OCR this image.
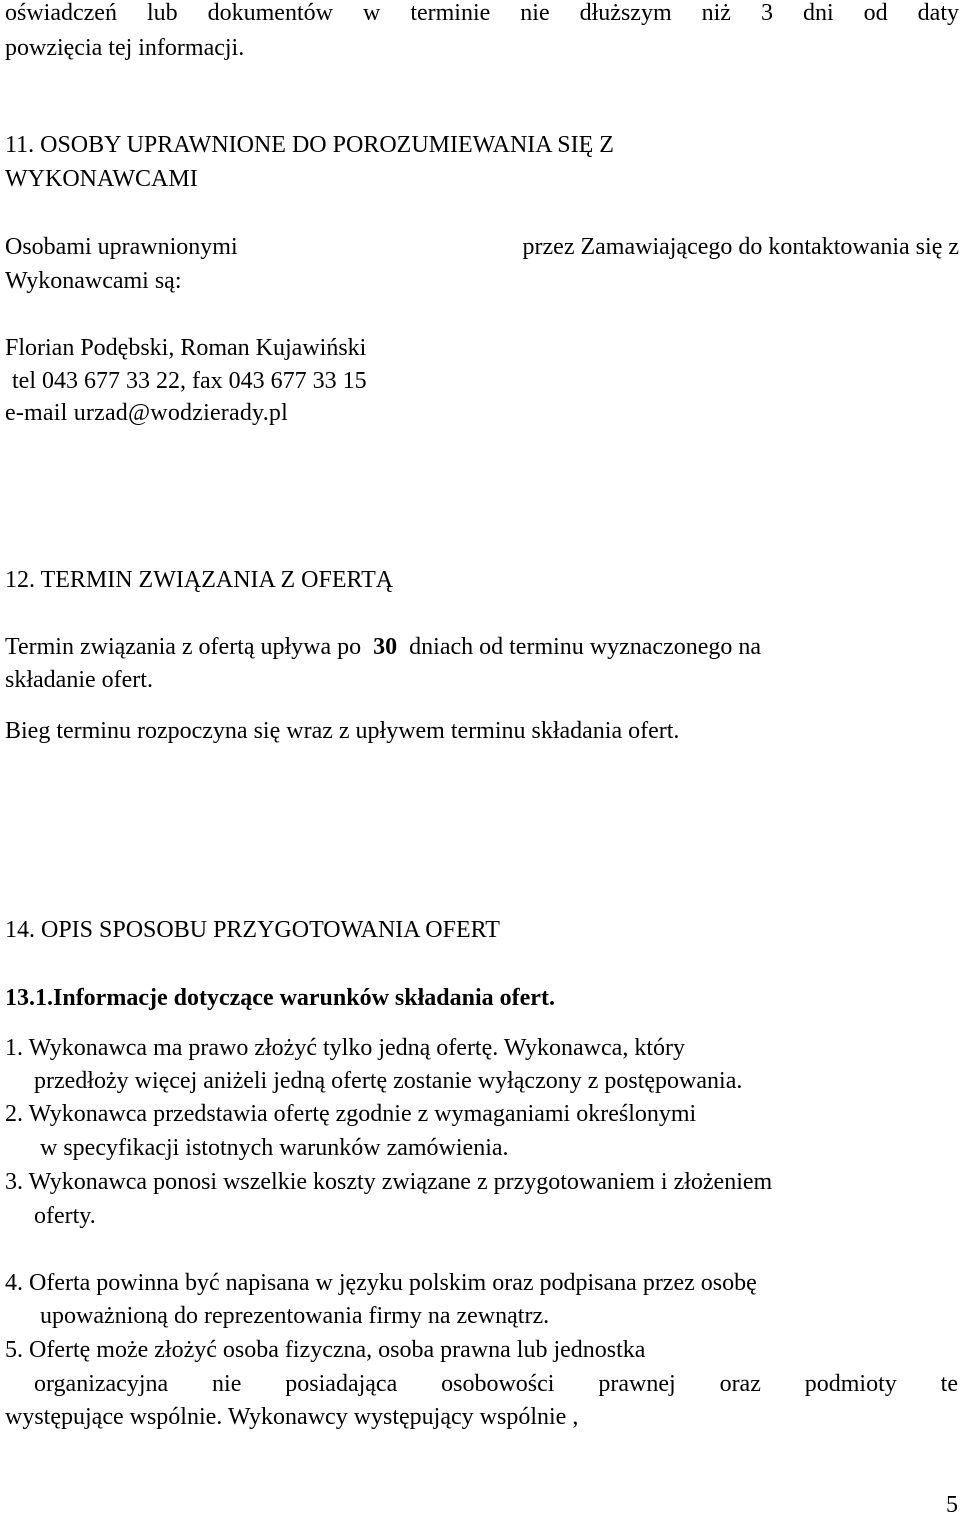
oświadczeń lub dokumentów w terminie nie dłuższym niż 3 dni od daty
powzięcia tej informacji.
11. OSOBY UPRAWNIONE DO POROZUMIEWANIA SIĘ Z
WYKONAWCAMI
Osobami uprawnionymi	przez Zamawiającego do kontaktowania się z
Wykonawcami są:
Florian Podębski, Roman Kujawiński
tel 043 677 33 22, fax 043 677 33 15
e-mail urzad@wodzierady.pl
12. TERMIN ZWIĄZANIA Z OFERTĄ
Termin związania z ofertą upływa po 30 dniach od terminu wyznaczonego na
składanie ofert.
Bieg terminu rozpoczyna się wraz z upływem terminu składania ofert.
14. OPIS SPOSOBU PRZYGOTOWANIA OFERT
13.1.Informacje dotyczące warunków składania ofert.
1. Wykonawca ma prawo złożyć tylko jedną ofertę. Wykonawca, który
przedłoży więcej aniżeli jedną ofertę zostanie wyłączony z postępowania.
2. Wykonawca przedstawia ofertę zgodnie z wymaganiami określonymi
w specyfikacji istotnych warunków zamówienia.
3. Wykonawca ponosi wszelkie koszty związane z przygotowaniem i złożeniem
oferty.
4. Oferta powinna być napisana w języku polskim oraz podpisana przez osobę
upoważnioną do reprezentowania firmy na zewnątrz.
5. Ofertę może złożyć osoba fizyczna, osoba prawna lub jednostka
organizacyjna nie posiadająca osobowości prawnej oraz podmioty te
występujące wspólnie. Wykonawcy występujący wspólnie ,
5
